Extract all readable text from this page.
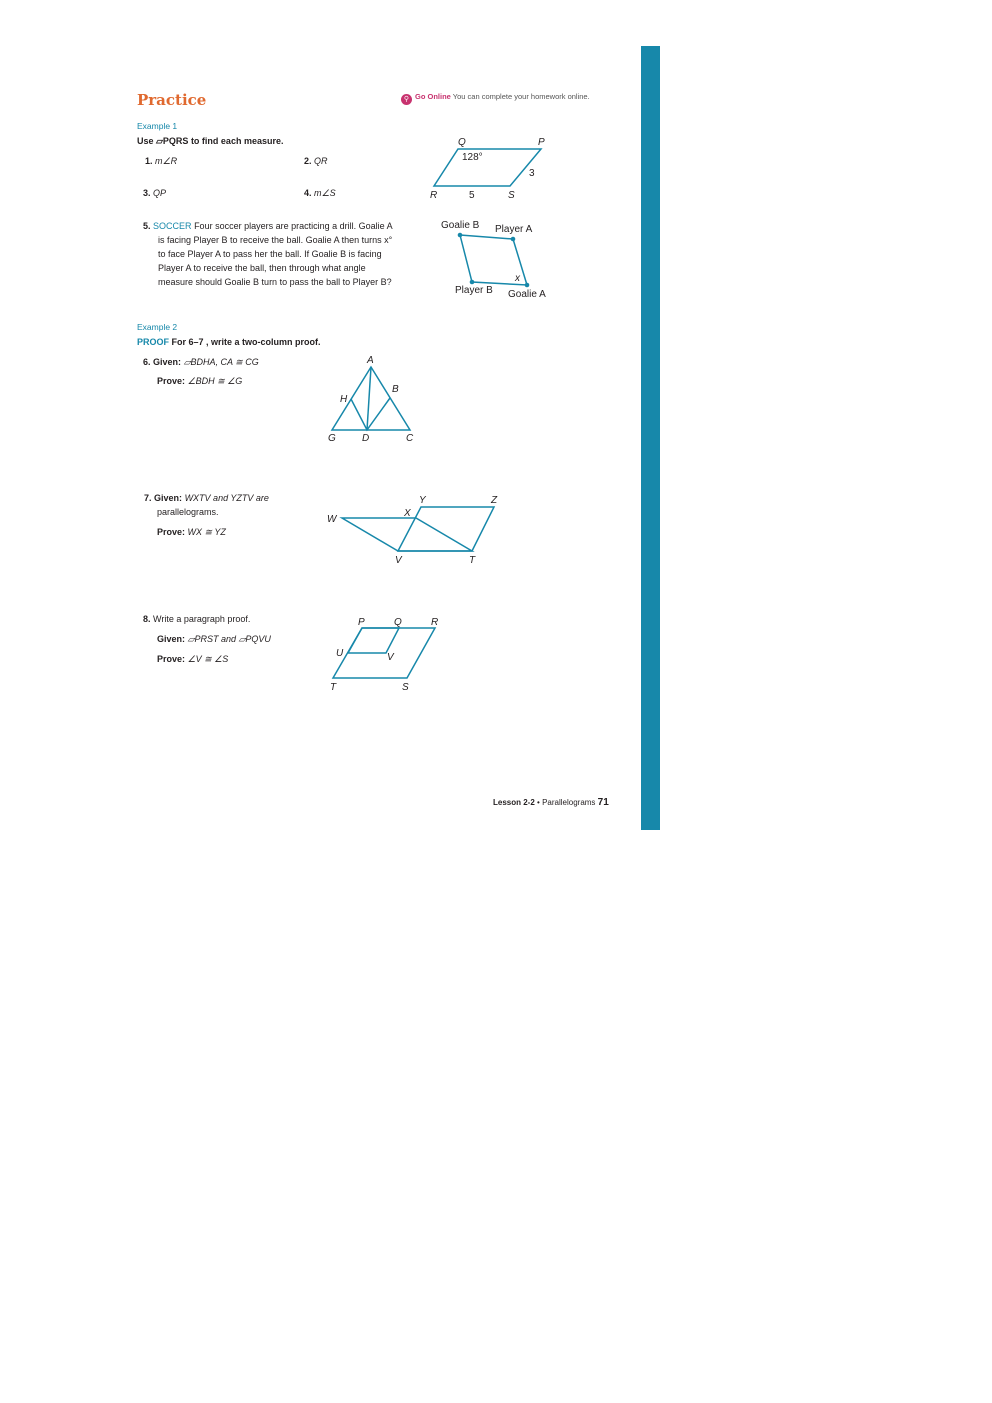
Practice	⚲ Go Online You can complete your homework online.
Example 1
Use ▱PQRS to find each measure.
1. m∠R	2. QR
3. QP	4. m∠S
Q	P
R	S
128°
5
3
5. SOCCER Four soccer players are practicing a drill. Goalie A is facing Player B to receive the ball. Goalie A then turns x° to face Player A to pass her the ball. If Goalie B is facing Player A to receive the ball, then through what angle measure should Goalie B turn to pass the ball to Player B?
Goalie B Player A
Player B Goalie A
x
Example 2
PROOF For 6–7 , write a two-column proof.
6. Given: ▱BDHA, CA ≅ CG
Prove: ∠BDH ≅ ∠G
A
B
H
G	D	C
7. Given: WXTV and YZTV are
parallelograms.
Prove: WX ≅ YZ
W
X
Y	Z
V	T
8. Write a paragraph proof.
Given: ▱PRST and ▱PQVU
Prove: ∠V ≅ ∠S
P	Q	R
U	V
T	S
Lesson 2-2 • Parallelograms 71
